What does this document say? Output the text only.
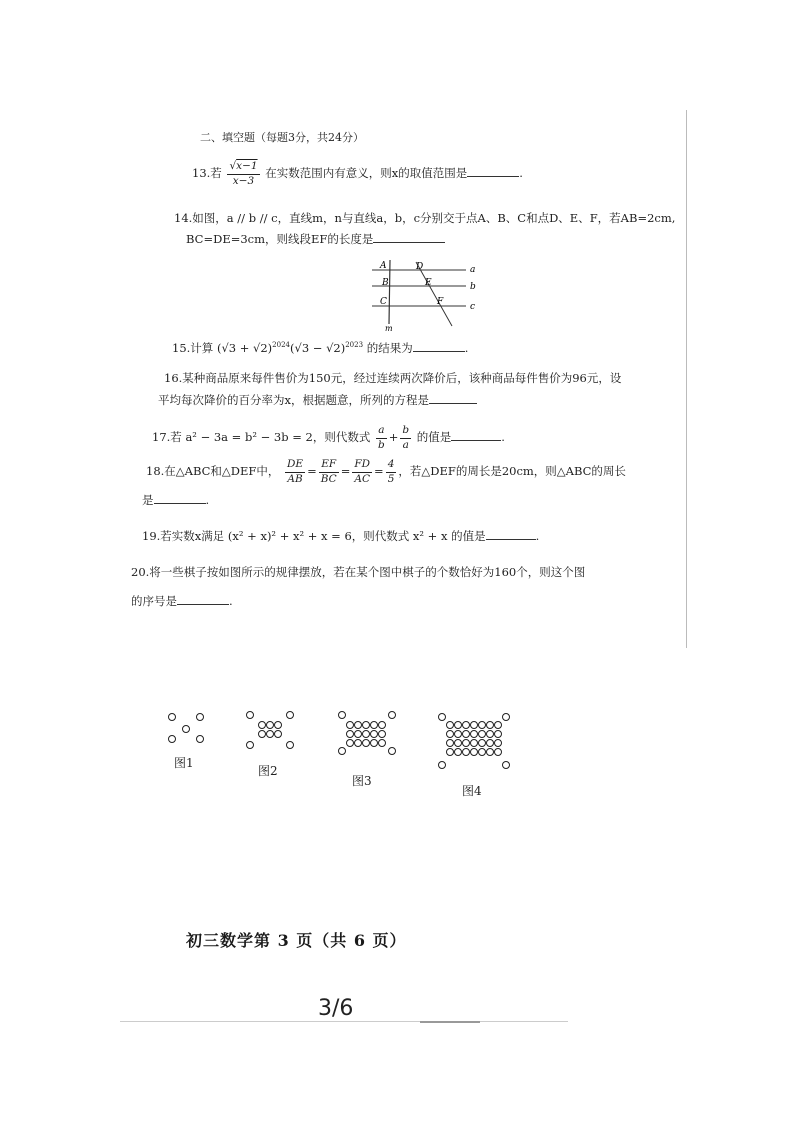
二、填空题（每题3分，共24分）
13.若 $\frac{√x-1}{x-3}$ 在实数范围内有意义，则x的取值范围是	.
14.如图，a // b // c，直线m，n与直线a，b，c分别交于点A、B、C和点D、E、F，若AB=2cm,
BC=DE=3cm，则线段EF的长度是
A
B
C
D
E
F
a
b
c
m
15.计算 $(√3 + √2)^{2024}(√3 - √2)^{2023}$ 的结果为	.
16.某种商品原来每件售价为150元，经过连续两次降价后，该种商品每件售价为96元，设
平均每次降价的百分率为x，根据题意，所列的方程是
17.若 a² − 3a = b² − 3b = 2，则代数式 $\frac{a}{b} + \frac{b}{a}$ 的值是	.
18.在△ABC和△DEF中， $\frac{DE}{AB} = \frac{EF}{BC} = \frac{FD}{AC} = \frac{4}{5}$ ，若△DEF的周长是20cm，则△ABC的周长
是	.
19.若实数x满足 (x² + x)² + x² + x = 6，则代数式 x² + x 的值是	.
20.将一些棋子按如图所示的规律摆放，若在某个图中棋子的个数恰好为160个，则这个图
的序号是	.
图1
图2
图3
图4
初三数学第 3 页（共 6 页）
3/6
